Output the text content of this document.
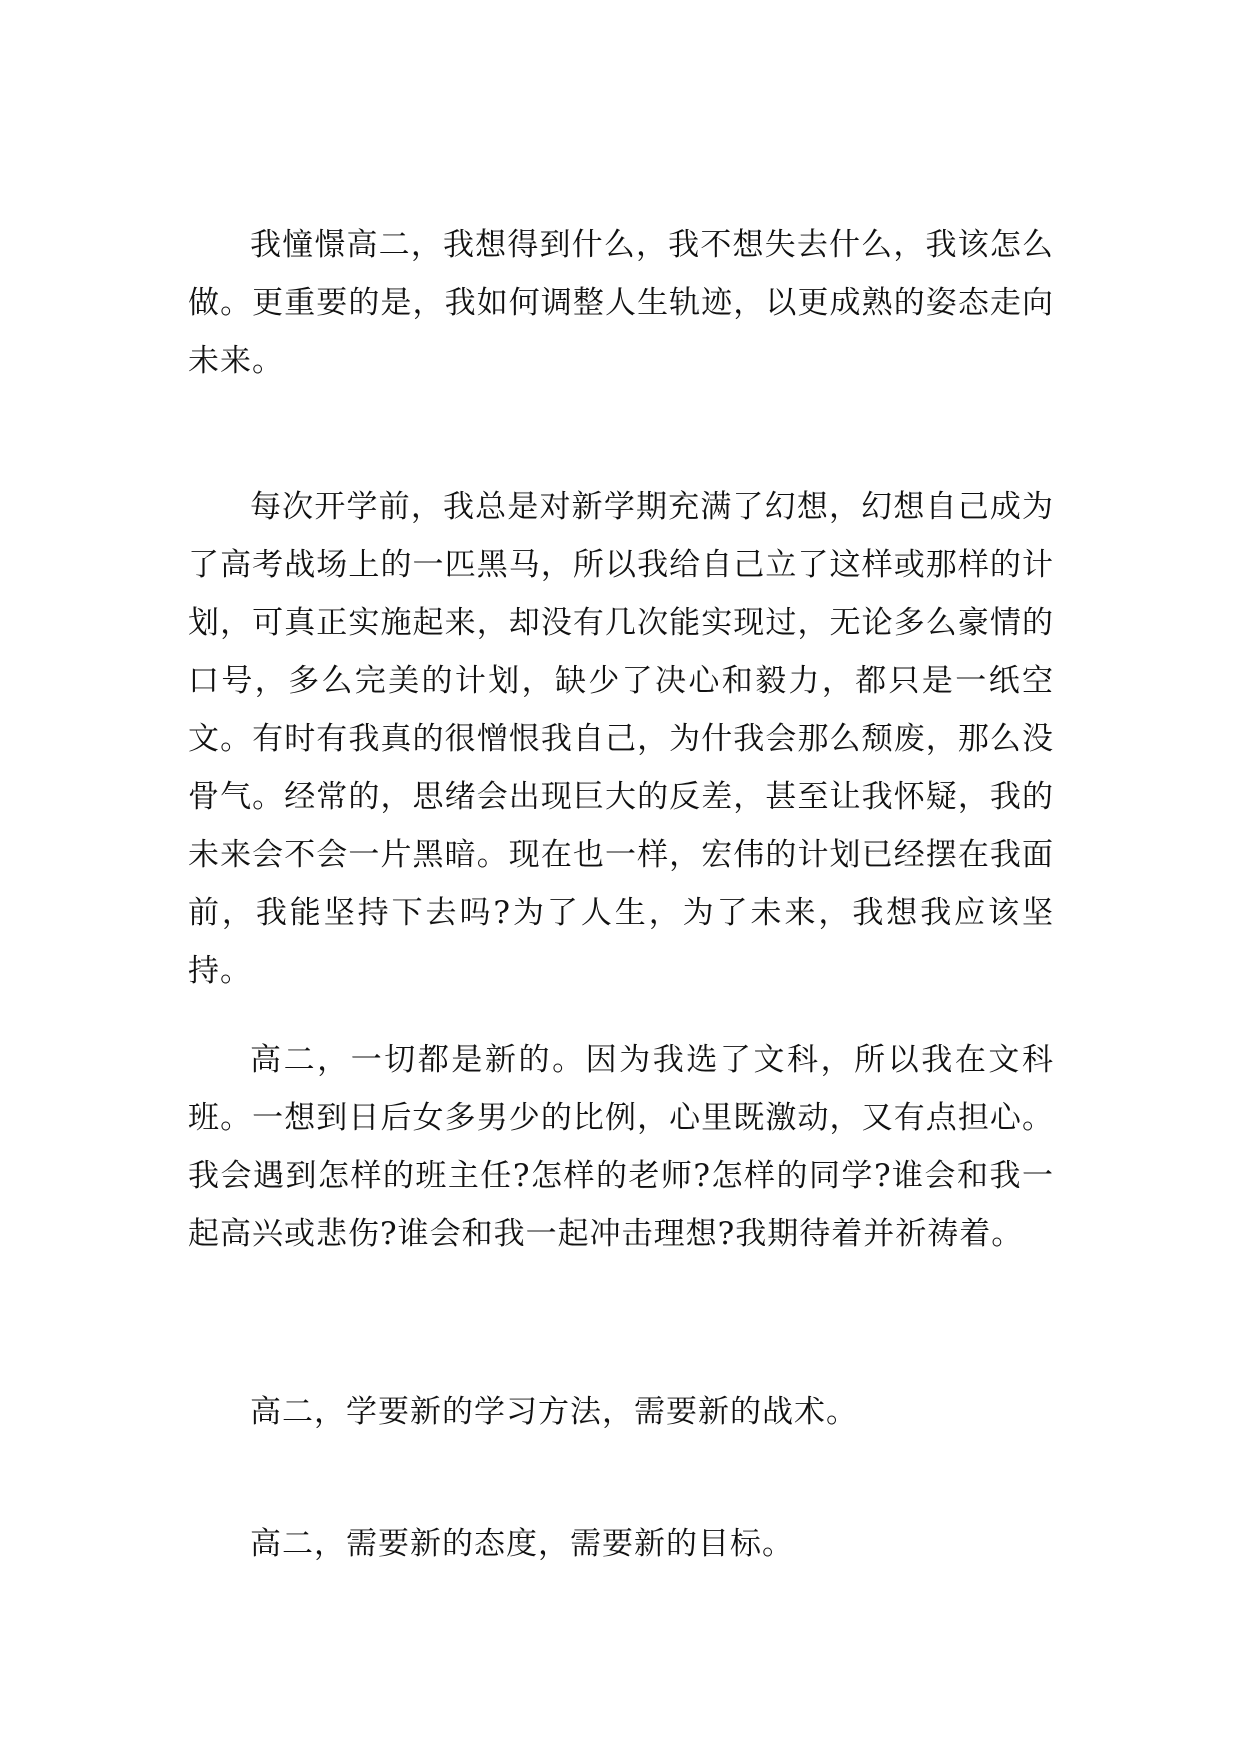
我憧憬高二，我想得到什么，我不想失去什么，我该怎么做。更重要的是，我如何调整人生轨迹，以更成熟的姿态走向未来。

每次开学前，我总是对新学期充满了幻想，幻想自己成为了高考战场上的一匹黑马，所以我给自己立了这样或那样的计划，可真正实施起来，却没有几次能实现过，无论多么豪情的口号，多么完美的计划，缺少了决心和毅力，都只是一纸空文。有时有我真的很憎恨我自己，为什我会那么颓废，那么没骨气。经常的，思绪会出现巨大的反差，甚至让我怀疑，我的未来会不会一片黑暗。现在也一样，宏伟的计划已经摆在我面前，我能坚持下去吗?为了人生，为了未来，我想我应该坚持。

高二，一切都是新的。因为我选了文科，所以我在文科班。一想到日后女多男少的比例，心里既激动，又有点担心。我会遇到怎样的班主任?怎样的老师?怎样的同学?谁会和我一起高兴或悲伤?谁会和我一起冲击理想?我期待着并祈祷着。

高二，学要新的学习方法，需要新的战术。

高二，需要新的态度，需要新的目标。
